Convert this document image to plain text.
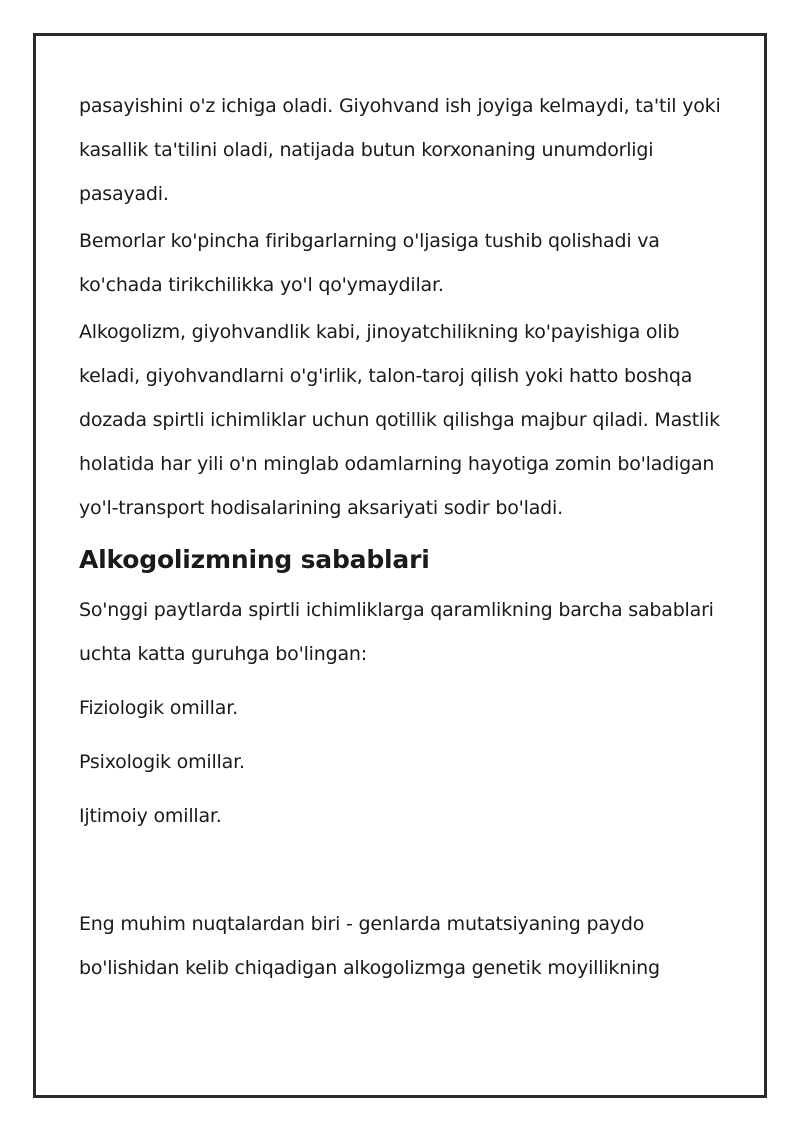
pasayishini o'z ichiga oladi. Giyohvand ish joyiga kelmaydi, ta'til yoki kasallik ta'tilini oladi, natijada butun korxonaning unumdorligi pasayadi.

Bemorlar ko'pincha firibgarlarning o'ljasiga tushib qolishadi va ko'chada tirikchilikka yo'l qo'ymaydilar.

Alkogolizm, giyohvandlik kabi, jinoyatchilikning ko'payishiga olib keladi, giyohvandlarni o'g'irlik, talon-taroj qilish yoki hatto boshqa dozada spirtli ichimliklar uchun qotillik qilishga majbur qiladi. Mastlik holatida har yili o'n minglab odamlarning hayotiga zomin bo'ladigan yo'l-transport hodisalarining aksariyati sodir bo'ladi.

Alkogolizmning sabablari

So'nggi paytlarda spirtli ichimliklarga qaramlikning barcha sabablari uchta katta guruhga bo'lingan:

Fiziologik omillar.

Psixologik omillar.

Ijtimoiy omillar.

Eng muhim nuqtalardan biri - genlarda mutatsiyaning paydo bo'lishidan kelib chiqadigan alkogolizmga genetik moyillikning
